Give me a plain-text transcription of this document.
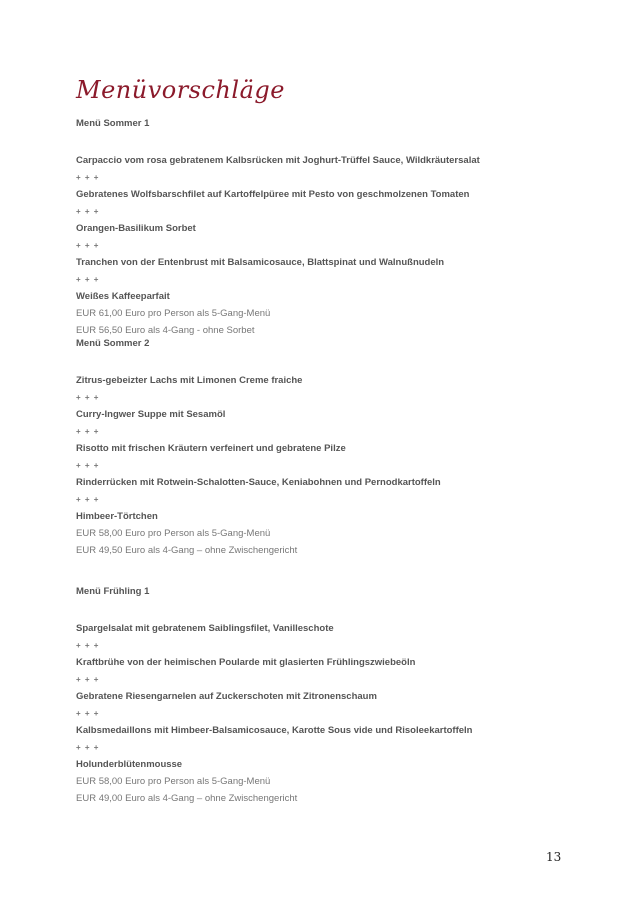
Menüvorschläge
Menü Sommer 1
Carpaccio vom rosa gebratenem Kalbsrücken mit Joghurt-Trüffel Sauce, Wildkräutersalat
+ + +
Gebratenes Wolfsbarschfilet auf Kartoffelpüree mit Pesto von geschmolzenen Tomaten
+ + +
Orangen-Basilikum Sorbet
+ + +
Tranchen von der Entenbrust mit Balsamicosauce, Blattspinat und Walnußnudeln
+ + +
Weißes Kaffeeparfait
EUR 61,00 Euro pro Person als 5-Gang-Menü
EUR 56,50 Euro als 4-Gang - ohne Sorbet
Menü Sommer 2
Zitrus-gebeizter Lachs mit Limonen Creme fraiche
+ + +
Curry-Ingwer Suppe mit Sesamöl
+ + +
Risotto mit frischen Kräutern verfeinert und gebratene Pilze
+ + +
Rinderrücken mit Rotwein-Schalotten-Sauce, Keniabohnen und Pernodkartoffeln
+ + +
Himbeer-Törtchen
EUR 58,00 Euro pro Person als 5-Gang-Menü
EUR 49,50 Euro als 4-Gang – ohne Zwischengericht
Menü Frühling 1
Spargelsalat mit gebratenem Saiblingsfilet, Vanilleschote
+ + +
Kraftbrühe von der heimischen Poularde mit glasierten Frühlingszwiebeöln
+ + +
Gebratene Riesengarnelen auf Zuckerschoten mit Zitronenschaum
+ + +
Kalbsmedaillons mit Himbeer-Balsamicosauce, Karotte Sous vide und Risoleekartoffeln
+ + +
Holunderblütenmousse
EUR 58,00 Euro pro Person als 5-Gang-Menü
EUR 49,00 Euro als 4-Gang – ohne Zwischengericht
13
